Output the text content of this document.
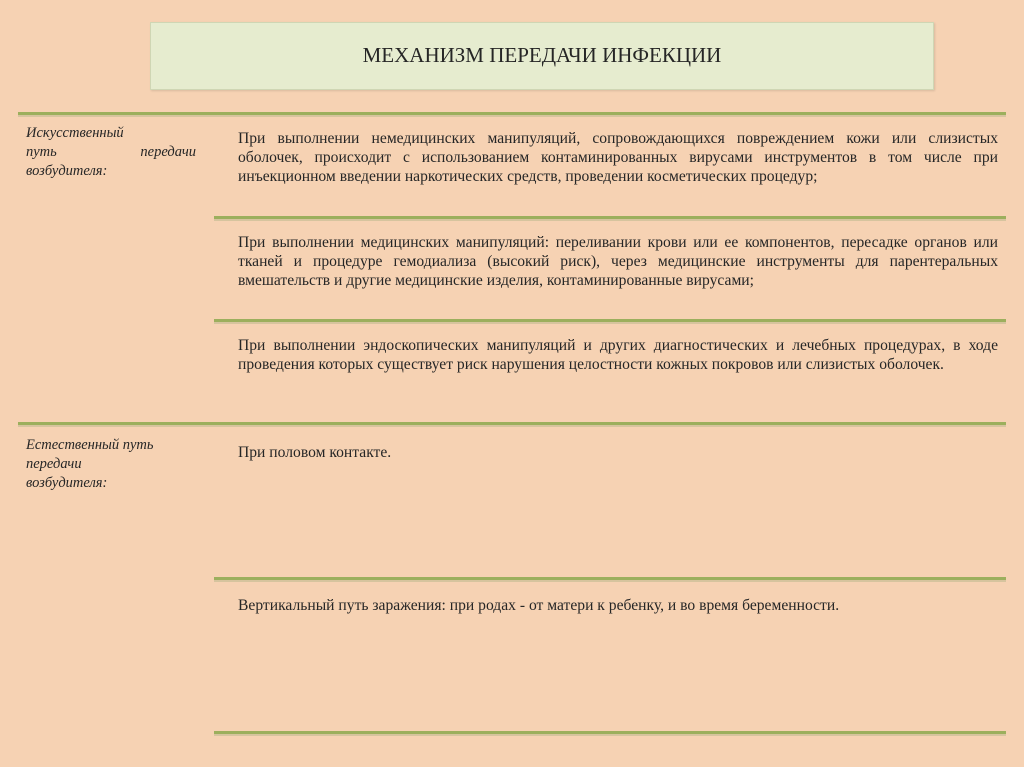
МЕХАНИЗМ ПЕРЕДАЧИ ИНФЕКЦИИ
Искусственный
путь	передачи
возбудителя:
Естественный путь
передачи
возбудителя:
При выполнении немедицинских манипуляций, сопровождающихся повреждением кожи или слизистых оболочек, происходит с использованием контаминированных вирусами инструментов в том числе при инъекционном введении наркотических средств, проведении косметических процедур;
При выполнении медицинских манипуляций: переливании крови или ее компонентов, пересадке органов или тканей и процедуре гемодиализа (высокий риск), через медицинские инструменты для парентеральных вмешательств и другие медицинские изделия, контаминированные вирусами;
При выполнении эндоскопических манипуляций и других диагностических и лечебных процедурах, в ходе проведения которых существует риск нарушения целостности кожных покровов или слизистых оболочек.
При половом контакте.
Вертикальный путь заражения: при родах - от матери к ребенку, и во время беременности.
